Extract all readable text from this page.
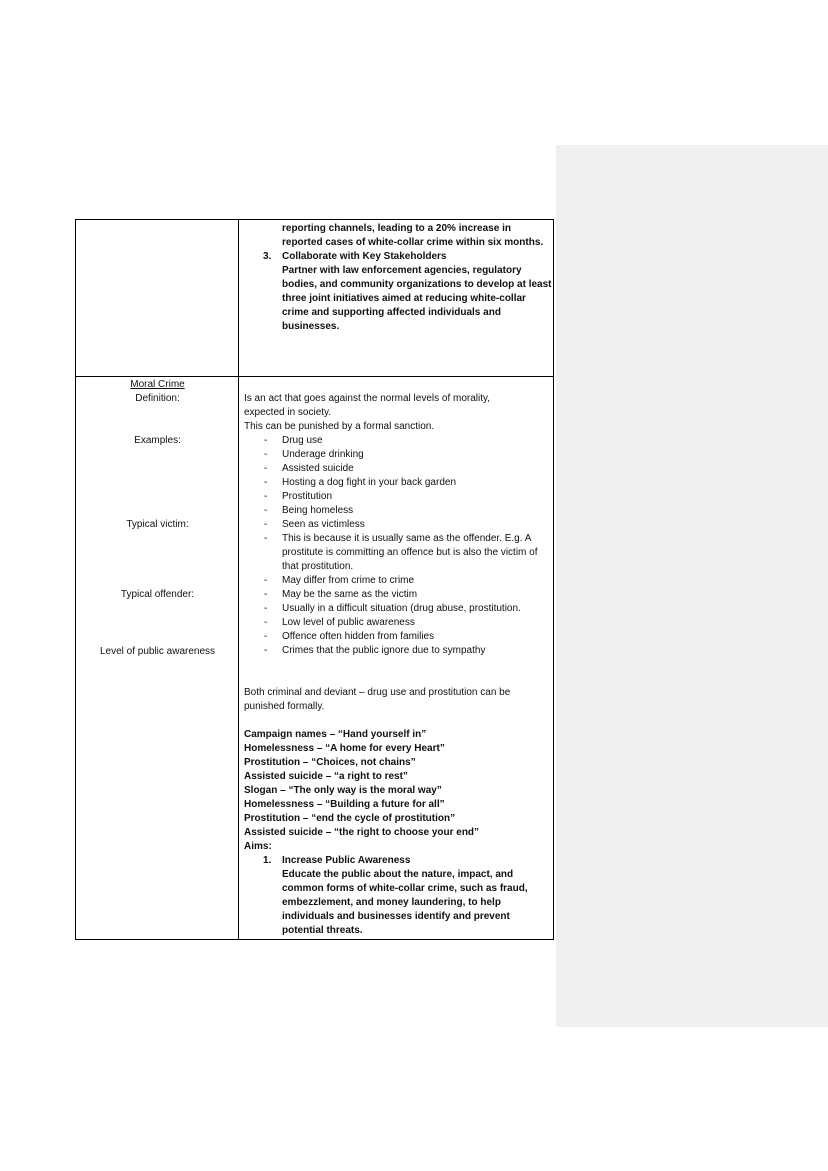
reporting channels, leading to a 20% increase in reported cases of white-collar crime within six months.
3. Collaborate with Key Stakeholders
Partner with law enforcement agencies, regulatory bodies, and community organizations to develop at least three joint initiatives aimed at reducing white-collar crime and supporting affected individuals and businesses.
Moral Crime
Definition:
Examples:
Typical victim:
Typical offender:
Level of public awareness
Is an act that goes against the normal levels of morality,
expected in society.
This can be punished by a formal sanction.
- Drug use
- Underage drinking
- Assisted suicide
- Hosting a dog fight in your back garden
- Prostitution
- Being homeless
- Seen as victimless
- This is because it is usually same as the offender. E.g. A prostitute is committing an offence but is also the victim of that prostitution.
- May differ from crime to crime
- May be the same as the victim
- Usually in a difficult situation (drug abuse, prostitution.
- Low level of public awareness
- Offence often hidden from families
- Crimes that the public ignore due to sympathy
Both criminal and deviant – drug use and prostitution can be punished formally.
Campaign names – “Hand yourself in”
Homelessness – “A home for every Heart”
Prostitution – “Choices, not chains”
Assisted suicide – “a right to rest”
Slogan – “The only way is the moral way”
Homelessness – “Building a future for all”
Prostitution – “end the cycle of prostitution”
Assisted suicide – “the right to choose your end”
Aims:
1. Increase Public Awareness
Educate the public about the nature, impact, and common forms of white-collar crime, such as fraud, embezzlement, and money laundering, to help individuals and businesses identify and prevent potential threats.
